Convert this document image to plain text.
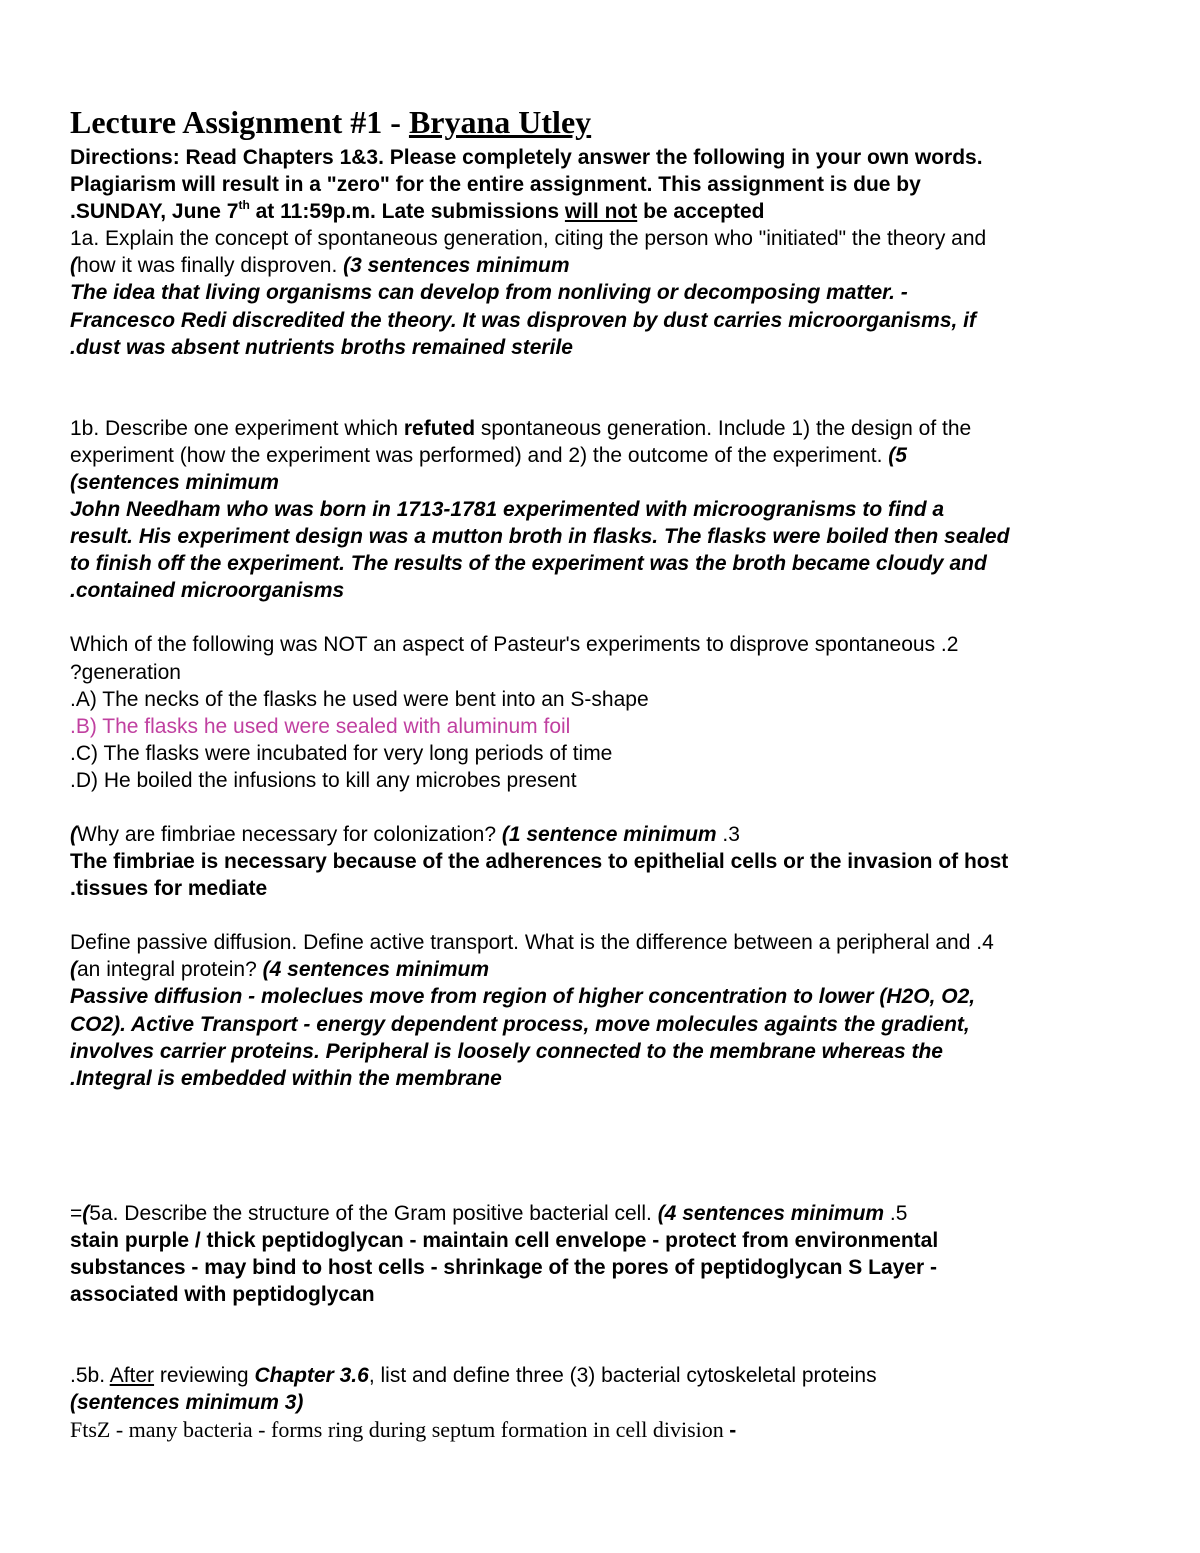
Lecture Assignment #1 - Bryana Utley
Directions: Read Chapters 1&3. Please completely answer the following in your own words.
Plagiarism will result in a "zero" for the entire assignment. This assignment is due by
.SUNDAY, June 7th at 11:59p.m. Late submissions will not be accepted
1a. Explain the concept of spontaneous generation, citing the person who "initiated" the theory and
(how it was finally disproven. (3 sentences minimum
The idea that living organisms can develop from nonliving or decomposing matter. -
Francesco Redi discredited the theory. It was disproven by dust carries microorganisms, if
.dust was absent nutrients broths remained sterile
1b. Describe one experiment which refuted spontaneous generation. Include 1) the design of the
experiment (how the experiment was performed) and 2) the outcome of the experiment. (5
(sentences minimum
John Needham who was born in 1713-1781 experimented with microogranisms to find a
result. His experiment design was a mutton broth in flasks. The flasks were boiled then sealed
to finish off the experiment. The results of the experiment was the broth became cloudy and
.contained microorganisms
Which of the following was NOT an aspect of Pasteur's experiments to disprove spontaneous .2
?generation
.A) The necks of the flasks he used were bent into an S-shape
.B) The flasks he used were sealed with aluminum foil
.C) The flasks were incubated for very long periods of time
.D) He boiled the infusions to kill any microbes present
(Why are fimbriae necessary for colonization? (1 sentence minimum .3
The fimbriae is necessary because of the adherences to epithelial cells or the invasion of host
.tissues for mediate
Define passive diffusion. Define active transport. What is the difference between a peripheral and .4
(an integral protein? (4 sentences minimum
Passive diffusion - moleclues move from region of higher concentration to lower (H2O, O2,
CO2). Active Transport - energy dependent process, move molecules againts the gradient,
involves carrier proteins. Peripheral is loosely connected to the membrane whereas the
.Integral is embedded within the membrane
=(5a. Describe the structure of the Gram positive bacterial cell. (4 sentences minimum .5
stain purple / thick peptidoglycan - maintain cell envelope - protect from environmental
substances - may bind to host cells - shrinkage of the pores of peptidoglycan S Layer -
associated with peptidoglycan
.5b. After reviewing Chapter 3.6, list and define three (3) bacterial cytoskeletal proteins
(sentences minimum 3)
FtsZ - many bacteria - forms ring during septum formation in cell division -
